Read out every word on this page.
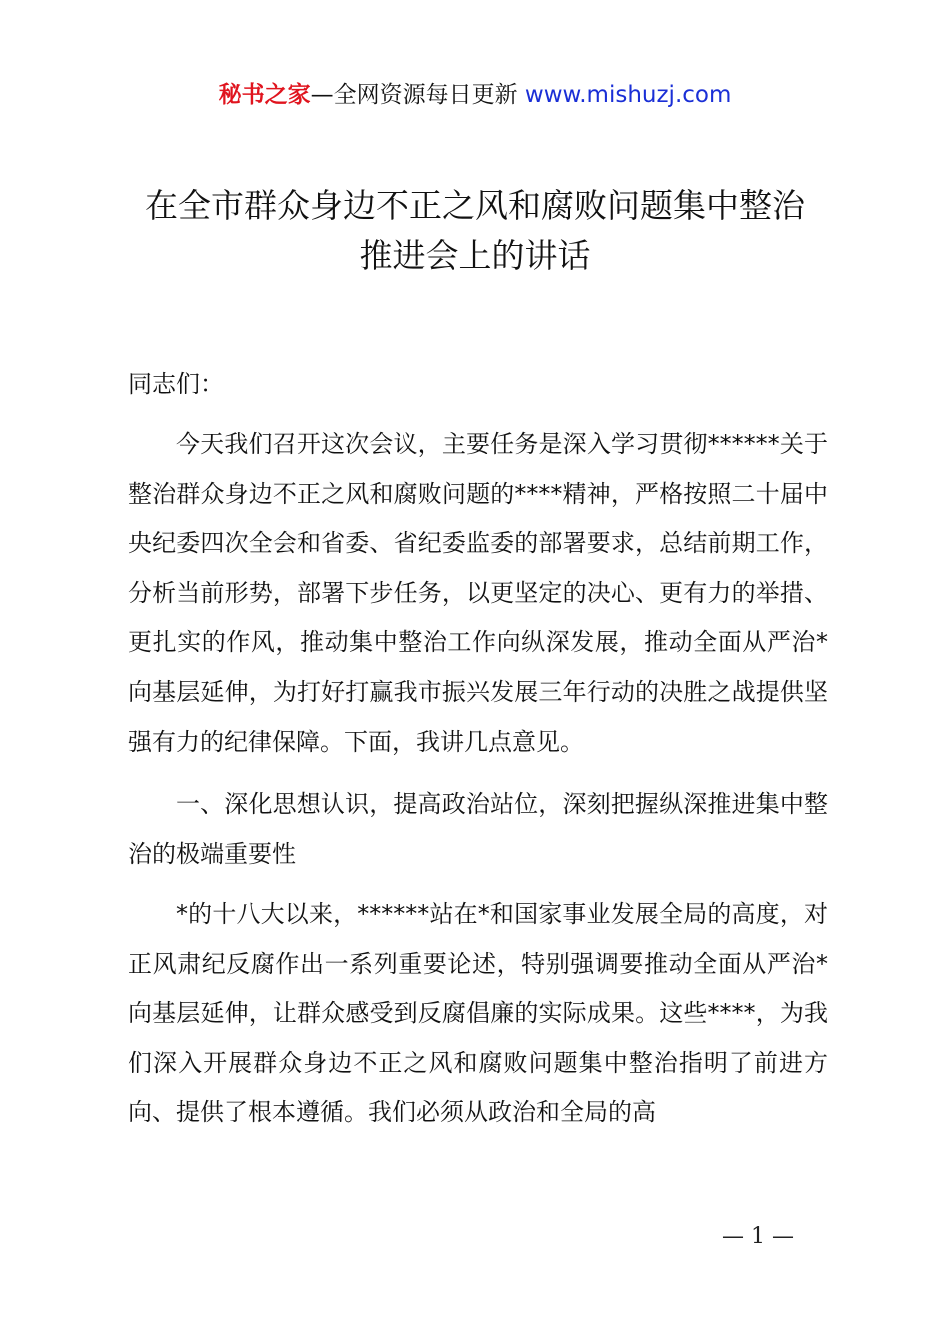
秘书之家—全网资源每日更新 www.mishuzj.com
在全市群众身边不正之风和腐败问题集中整治
推进会上的讲话
同志们：
今天我们召开这次会议，主要任务是深入学习贯彻******关于整治群众身边不正之风和腐败问题的****精神，严格按照二十届中央纪委四次全会和省委、省纪委监委的部署要求，总结前期工作，分析当前形势，部署下步任务，以更坚定的决心、更有力的举措、更扎实的作风，推动集中整治工作向纵深发展，推动全面从严治*向基层延伸，为打好打赢我市振兴发展三年行动的决胜之战提供坚强有力的纪律保障。下面，我讲几点意见。
一、深化思想认识，提高政治站位，深刻把握纵深推进集中整治的极端重要性
*的十八大以来，******站在*和国家事业发展全局的高度，对正风肃纪反腐作出一系列重要论述，特别强调要推动全面从严治*向基层延伸，让群众感受到反腐倡廉的实际成果。这些****，为我们深入开展群众身边不正之风和腐败问题集中整治指明了前进方向、提供了根本遵循。我们必须从政治和全局的高
— 1 —
